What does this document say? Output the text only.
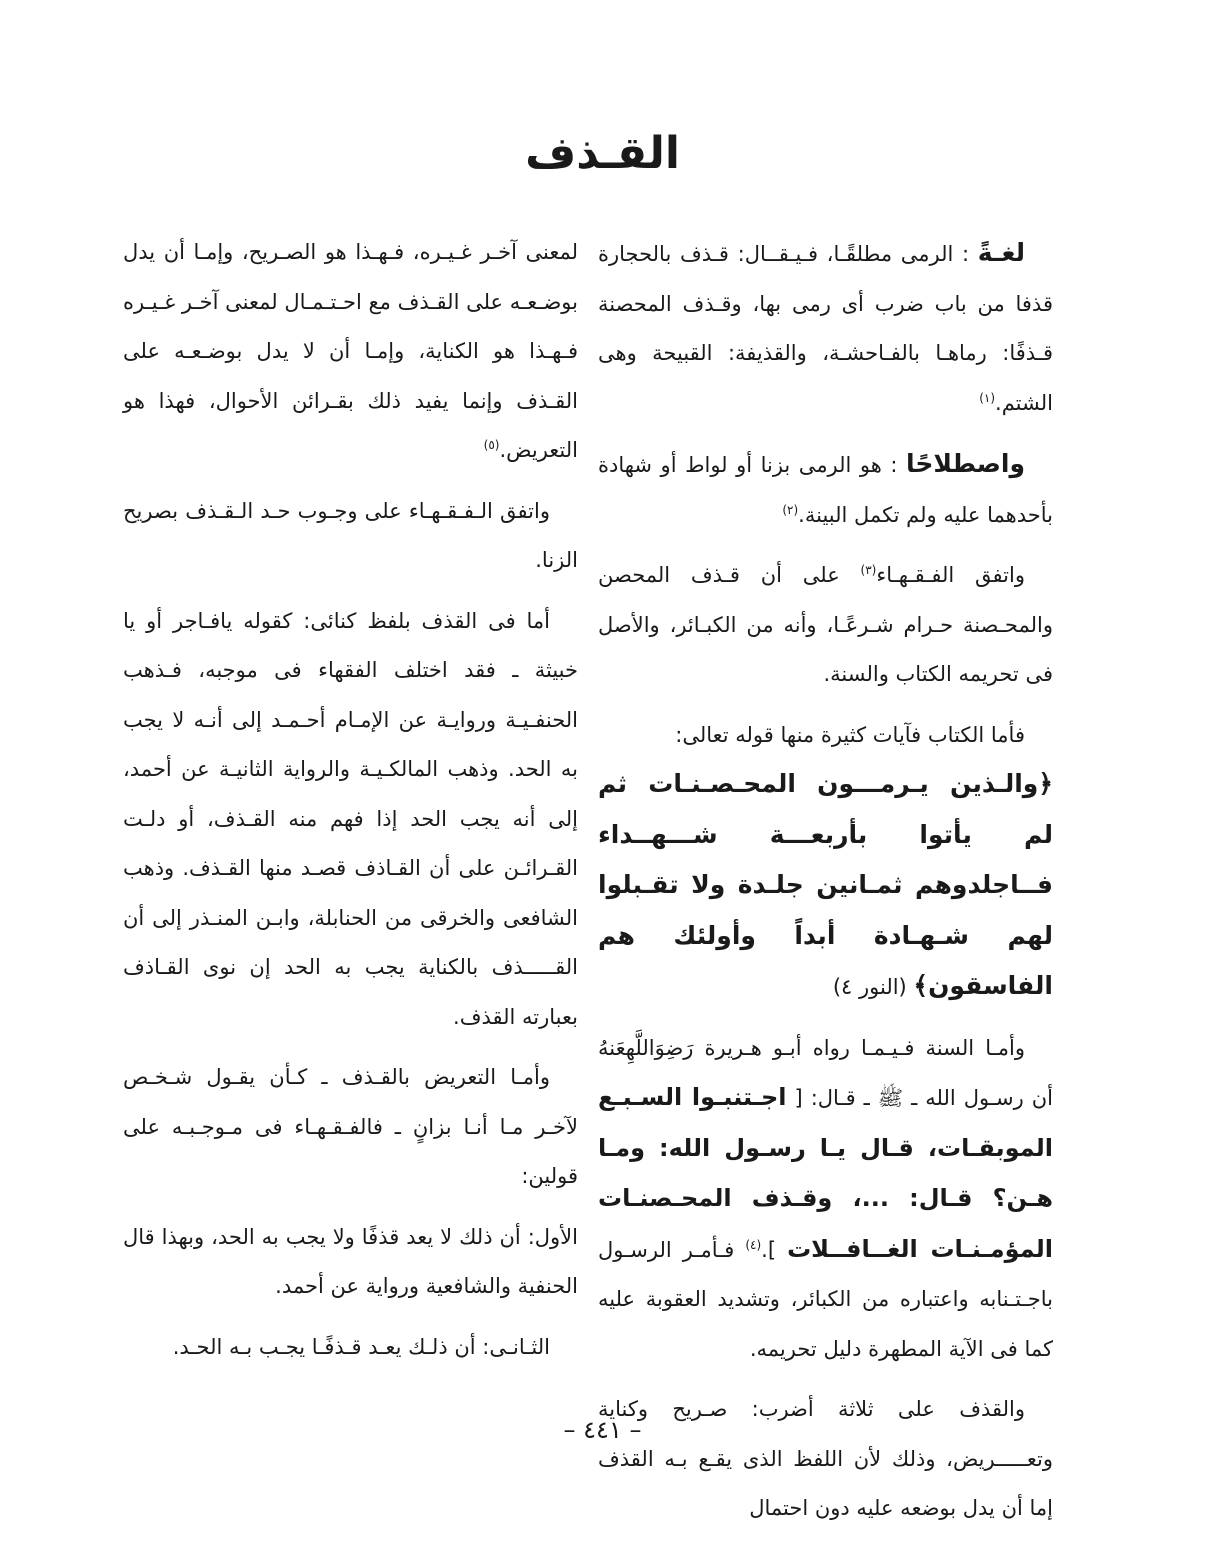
القـذف

لغـةً : الرمى مطلقًـا، فـيـقــال: قـذف بالحجارة قذفا من باب ضرب أى رمى بها، وقـذف المحصنة قـذفًا: رماهـا بالفـاحشـة، والقذيفة: القبيحة وهى الشتم.$^{(١)}$

واصطلاحًا : هو الرمى بزنا أو لواط أو شهادة بأحدهما عليه ولم تكمل البينة.$^{(٢)}$

واتفق الفـقـهـاء$^{(٣)}$ على أن قـذف المحصن والمحـصنة حـرام شـرعًـا، وأنه من الكبـائر، والأصل فى تحريمه الكتاب والسنة.

فأما الكتاب فآيات كثيرة منها قوله تعالى:

﴿والـذين يـرمـــون المحـصـنـات ثم لم يأتوا بأربعـــة شـــهــداء فــاجلدوهم ثمـانين جلـدة ولا تقـبلوا لهم شـهـادة أبداً وأولئك هم الفاسقون﴾ (النور ٤)

وأمـا السنة فـيـمـا رواه أبـو هـريرة رَضِوَاللَّهِعَنهُ أن رسـول الله ـ ﷺ ـ قـال: [ اجـتنبـوا السـبـع الموبقـات، قـال يـا رسـول الله: ومـا هـن؟ قـال: ...، وقـذف المحـصنـات المؤمـنـات الغــافــلات ].$^{(٤)}$ فـأمـر الرسـول باجـتـنابه واعتباره من الكبائر، وتشديد العقوبة عليه كما فى الآية المطهرة دليل تحريمه.

والقذف على ثلاثة أضرب: صـريح وكناية وتعـــــريض، وذلك لأن اللفظ الذى يقـع بـه القذف إما أن يدل بوضعه عليه دون احتمال

لمعنى آخـر غـيـره، فـهـذا هو الصـريح، وإمـا أن يدل بوضـعـه على القـذف مع احـتـمـال لمعنى آخـر غـيـره فـهـذا هو الكناية، وإمـا أن لا يدل بوضـعـه على القـذف وإنما يفيد ذلك بقـرائن الأحوال، فهذا هو التعريض.$^{(٥)}$

واتفق الـفـقـهـاء على وجـوب حـد الـقـذف بصريح الزنا.

أما فى القذف بلفظ كنائى: كقوله يافـاجر أو يا خبيثة ـ فقد اختلف الفقهاء فى موجبه، فـذهب الحنفـيـة وروايـة عن الإمـام أحـمـد إلى أنـه لا يجب به الحد. وذهب المالكـيـة والرواية الثانيـة عن أحمد، إلى أنه يجب الحد إذا فهم منه القـذف، أو دلـت القـرائـن على أن القـاذف قصـد منها القـذف. وذهب الشافعى والخرقى من الحنابلة، وابـن المنـذر إلى أن القـــــذف بالكناية يجب به الحد إن نوى القـاذف بعبارته القذف.

وأمـا التعريض بالقـذف ـ كـأن يقـول شـخـص لآخـر مـا أنـا بزانٍ ـ فالفـقـهـاء فى مـوجـبـه على قولين:

الأول: أن ذلك لا يعد قذفًا ولا يجب به الحد، وبهذا قال الحنفية والشافعية ورواية عن أحمد.

الثـانـى: أن ذلـك يعـد قـذفًـا يجـب بـه الحـد.

– ٤٤١ –
